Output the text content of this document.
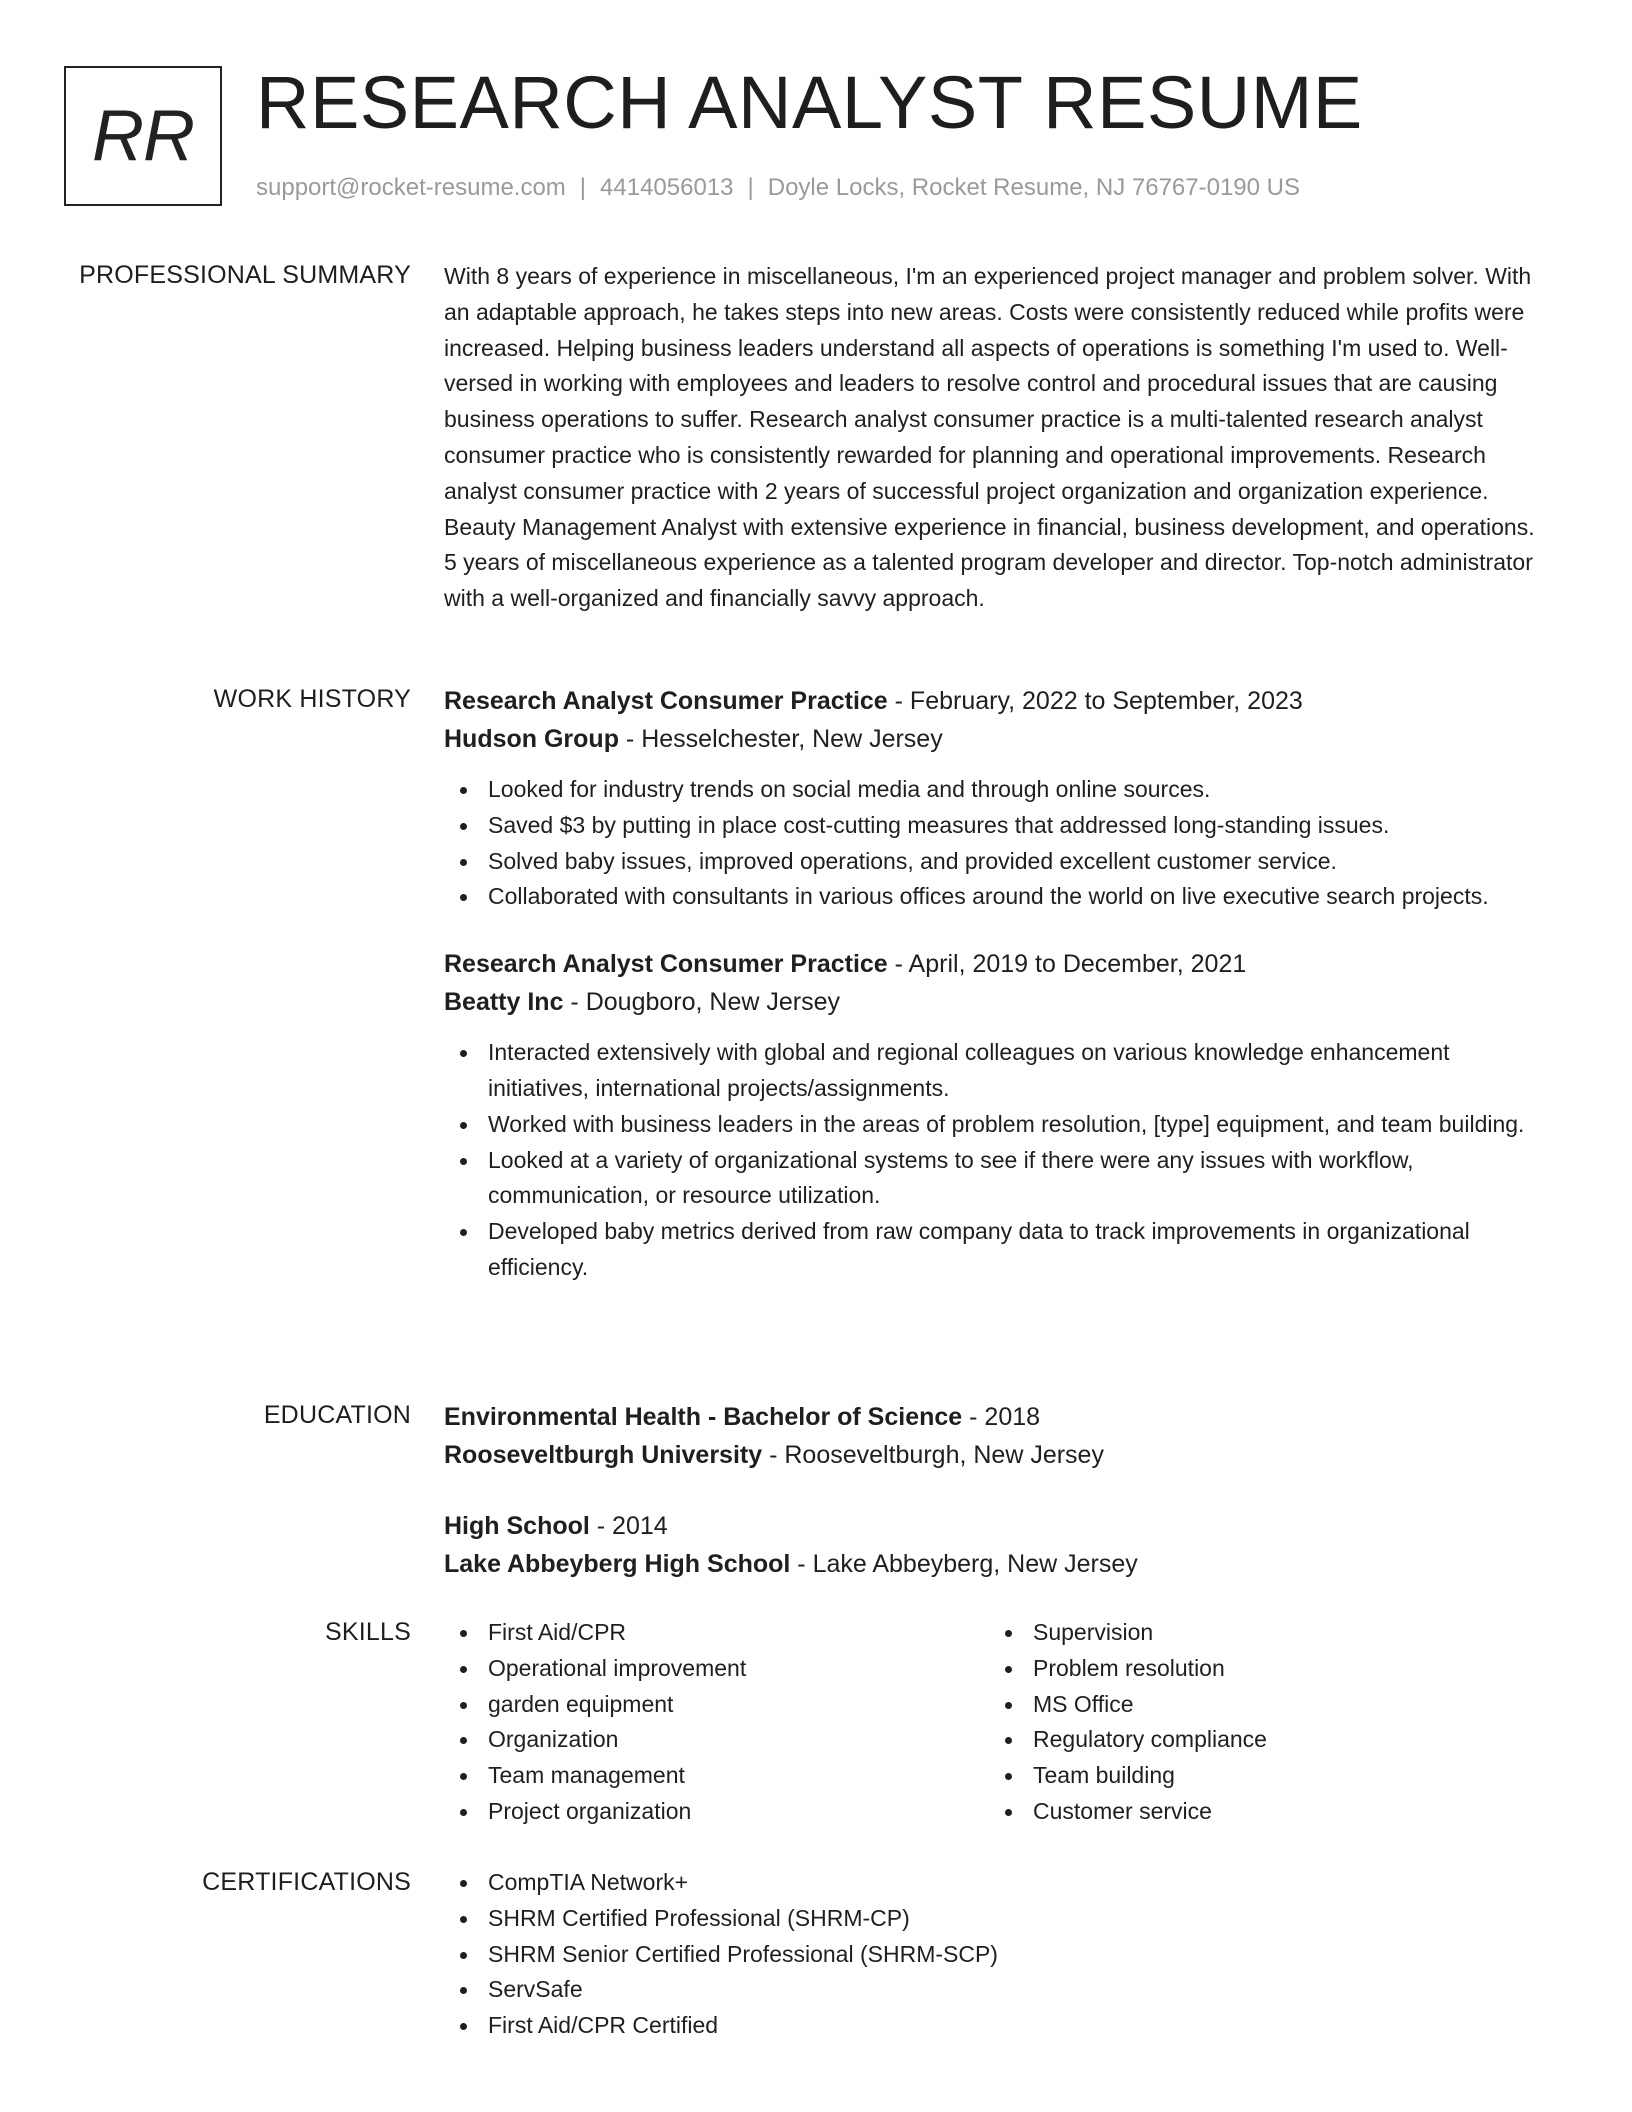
RR RESEARCH ANALYST RESUME
support@rocket-resume.com | 4414056013 | Doyle Locks, Rocket Resume, NJ 76767-0190 US
PROFESSIONAL SUMMARY With 8 years of experience in miscellaneous, I'm an experienced project manager and problem solver. With an adaptable approach, he takes steps into new areas. Costs were consistently reduced while profits were increased. Helping business leaders understand all aspects of operations is something I'm used to. Well-versed in working with employees and leaders to resolve control and procedural issues that are causing business operations to suffer. Research analyst consumer practice is a multi-talented research analyst consumer practice who is consistently rewarded for planning and operational improvements. Research analyst consumer practice with 2 years of successful project organization and organization experience. Beauty Management Analyst with extensive experience in financial, business development, and operations. 5 years of miscellaneous experience as a talented program developer and director. Top-notch administrator with a well-organized and financially savvy approach.

WORK HISTORY Research Analyst Consumer Practice - February, 2022 to September, 2023
Hudson Group - Hesselchester, New Jersey
Looked for industry trends on social media and through online sources.
Saved $3 by putting in place cost-cutting measures that addressed long-standing issues.
Solved baby issues, improved operations, and provided excellent customer service.
Collaborated with consultants in various offices around the world on live executive search projects.
Research Analyst Consumer Practice - April, 2019 to December, 2021
Beatty Inc - Dougboro, New Jersey
Interacted extensively with global and regional colleagues on various knowledge enhancement initiatives, international projects/assignments.
Worked with business leaders in the areas of problem resolution, [type] equipment, and team building.
Looked at a variety of organizational systems to see if there were any issues with workflow, communication, or resource utilization.
Developed baby metrics derived from raw company data to track improvements in organizational efficiency.
EDUCATION Environmental Health - Bachelor of Science - 2018
Rooseveltburgh University - Rooseveltburgh, New Jersey
High School - 2014
Lake Abbeyberg High School - Lake Abbeyberg, New Jersey
SKILLS	First Aid/CPR
Operational improvement
garden equipment
Organization
Team management
Project organization
Supervision
Problem resolution
MS Office
Regulatory compliance
Team building
Customer service
CERTIFICATIONS	CompTIA Network+
SHRM Certified Professional (SHRM-CP)
SHRM Senior Certified Professional (SHRM-SCP)
ServSafe
First Aid/CPR Certified
